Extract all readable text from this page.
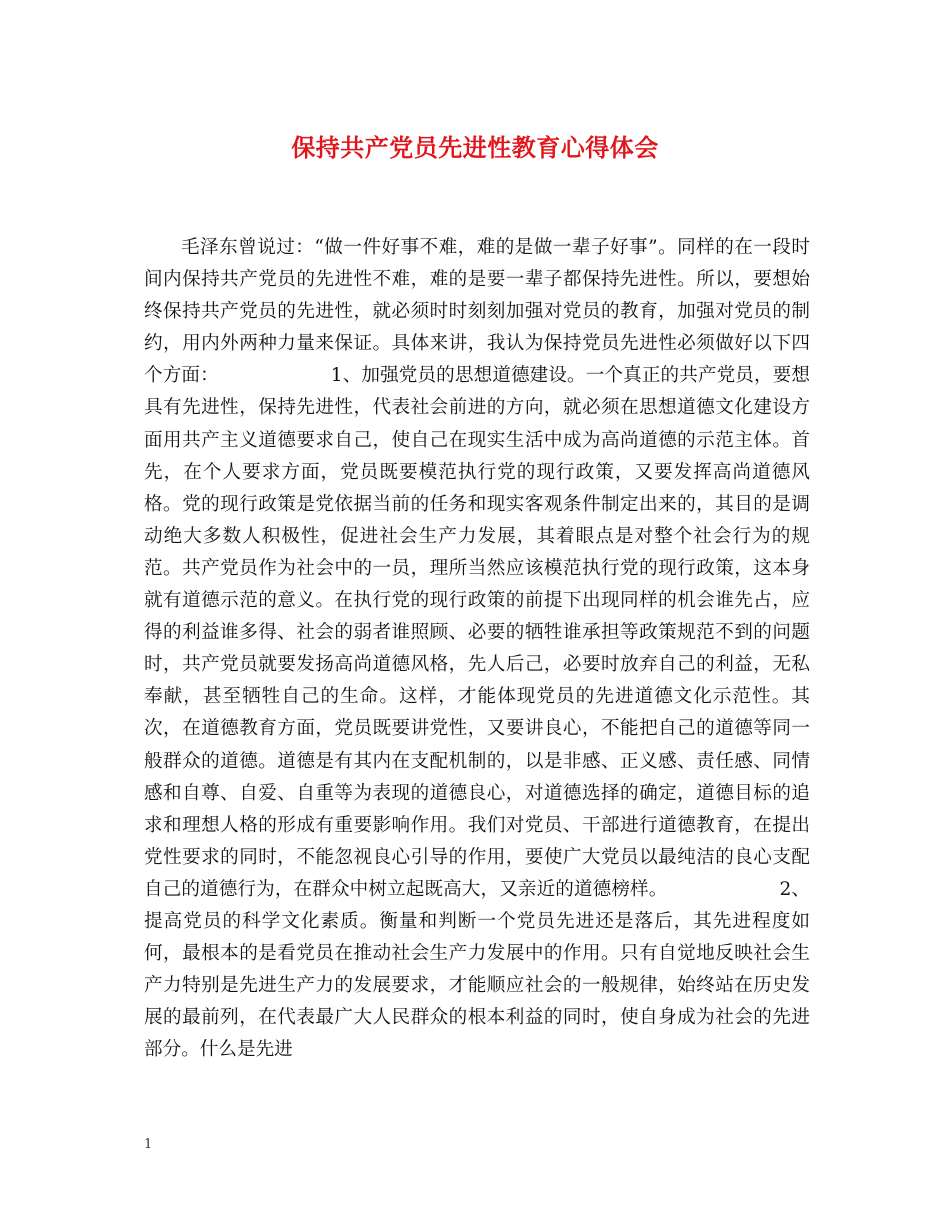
保持共产党员先进性教育心得体会

毛泽东曾说过：“做一件好事不难，难的是做一辈子好事”。同样的在一段时间内保持共产党员的先进性不难，难的是要一辈子都保持先进性。所以，要想始终保持共产党员的先进性，就必须时时刻刻加强对党员的教育，加强对党员的制约，用内外两种力量来保证。具体来讲，我认为保持党员先进性必须做好以下四个方面：	1、加强党员的思想道德建设。一个真正的共产党员，要想具有先进性，保持先进性，代表社会前进的方向，就必须在思想道德文化建设方面用共产主义道德要求自己，使自己在现实生活中成为高尚道德的示范主体。首先，在个人要求方面，党员既要模范执行党的现行政策，又要发挥高尚道德风格。党的现行政策是党依据当前的任务和现实客观条件制定出来的，其目的是调动绝大多数人积极性，促进社会生产力发展，其着眼点是对整个社会行为的规范。共产党员作为社会中的一员，理所当然应该模范执行党的现行政策，这本身就有道德示范的意义。在执行党的现行政策的前提下出现同样的机会谁先占，应得的利益谁多得、社会的弱者谁照顾、必要的牺牲谁承担等政策规范不到的问题时，共产党员就要发扬高尚道德风格，先人后己，必要时放弃自己的利益，无私奉献，甚至牺牲自己的生命。这样，才能体现党员的先进道德文化示范性。其次，在道德教育方面，党员既要讲党性，又要讲良心，不能把自己的道德等同一般群众的道德。道德是有其内在支配机制的，以是非感、正义感、责任感、同情感和自尊、自爱、自重等为表现的道德良心，对道德选择的确定，道德目标的追求和理想人格的形成有重要影响作用。我们对党员、干部进行道德教育，在提出党性要求的同时，不能忽视良心引导的作用，要使广大党员以最纯洁的良心支配自己的道德行为，在群众中树立起既高大，又亲近的道德榜样。	2、提高党员的科学文化素质。衡量和判断一个党员先进还是落后，其先进程度如何，最根本的是看党员在推动社会生产力发展中的作用。只有自觉地反映社会生产力特别是先进生产力的发展要求，才能顺应社会的一般规律，始终站在历史发展的最前列，在代表最广大人民群众的根本利益的同时，使自身成为社会的先进部分。什么是先进

1
